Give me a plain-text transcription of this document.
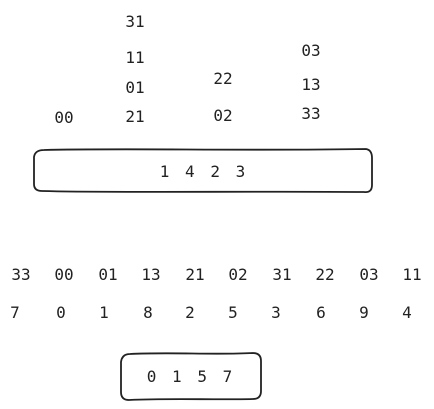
00
31
11
01
21
22
02
03
13
33
1 4 2 3
33 00 01 13 21 02 31 22 03 11
7 0 1 8 2 5 3 6 9 4
0 1 5 7
